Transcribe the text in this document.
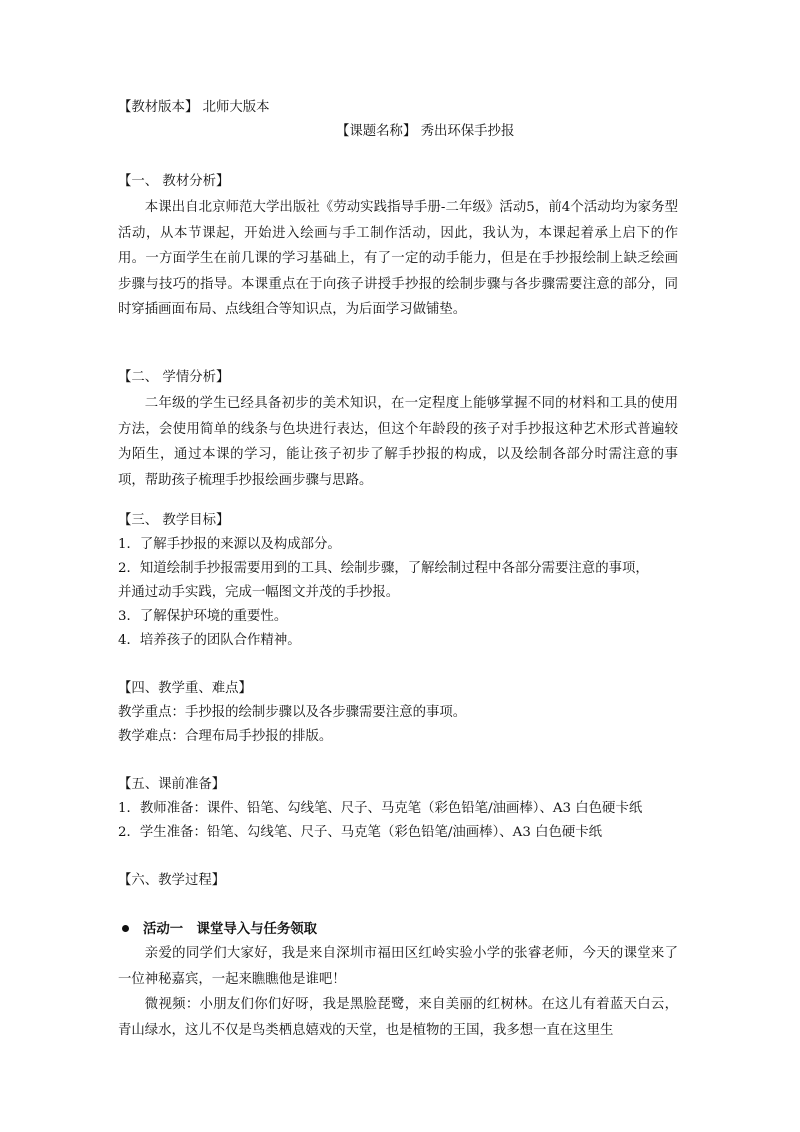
【教材版本】 北师大版本
【课题名称】 秀出环保手抄报
【一、 教材分析】

本课出自北京师范大学出版社《劳动实践指导手册-二年级》活动5，前4个活动均为家务型活动，从本节课起，开始进入绘画与手工制作活动，因此，我认为，本课起着承上启下的作用。一方面学生在前几课的学习基础上，有了一定的动手能力，但是在手抄报绘制上缺乏绘画步骤与技巧的指导。本课重点在于向孩子讲授手抄报的绘制步骤与各步骤需要注意的部分，同时穿插画面布局、点线组合等知识点，为后面学习做铺垫。

【二、 学情分析】

二年级的学生已经具备初步的美术知识，在一定程度上能够掌握不同的材料和工具的使用方法，会使用简单的线条与色块进行表达，但这个年龄段的孩子对手抄报这种艺术形式普遍较为陌生，通过本课的学习，能让孩子初步了解手抄报的构成，以及绘制各部分时需注意的事项，帮助孩子梳理手抄报绘画步骤与思路。

【三、 教学目标】
1．了解手抄报的来源以及构成部分。
2．知道绘制手抄报需要用到的工具、绘制步骤，了解绘制过程中各部分需要注意的事项，
并通过动手实践，完成一幅图文并茂的手抄报。
3．了解保护环境的重要性。
4．培养孩子的团队合作精神。
【四、教学重、难点】
教学重点：手抄报的绘制步骤以及各步骤需要注意的事项。
教学难点：合理布局手抄报的排版。
【五、课前准备】
1．教师准备：课件、铅笔、勾线笔、尺子、马克笔（彩色铅笔/油画棒）、A3 白色硬卡纸
2．学生准备：铅笔、勾线笔、尺子、马克笔（彩色铅笔/油画棒）、A3 白色硬卡纸
【六、教学过程】
活动一　课堂导入与任务领取

亲爱的同学们大家好，我是来自深圳市福田区红岭实验小学的张睿老师，今天的课堂来了一位神秘嘉宾，一起来瞧瞧他是谁吧！

微视频：小朋友们你们好呀，我是黑脸琵鹭，来自美丽的红树林。在这儿有着蓝天白云，青山绿水，这儿不仅是鸟类栖息嬉戏的天堂，也是植物的王国，我多想一直在这里生
